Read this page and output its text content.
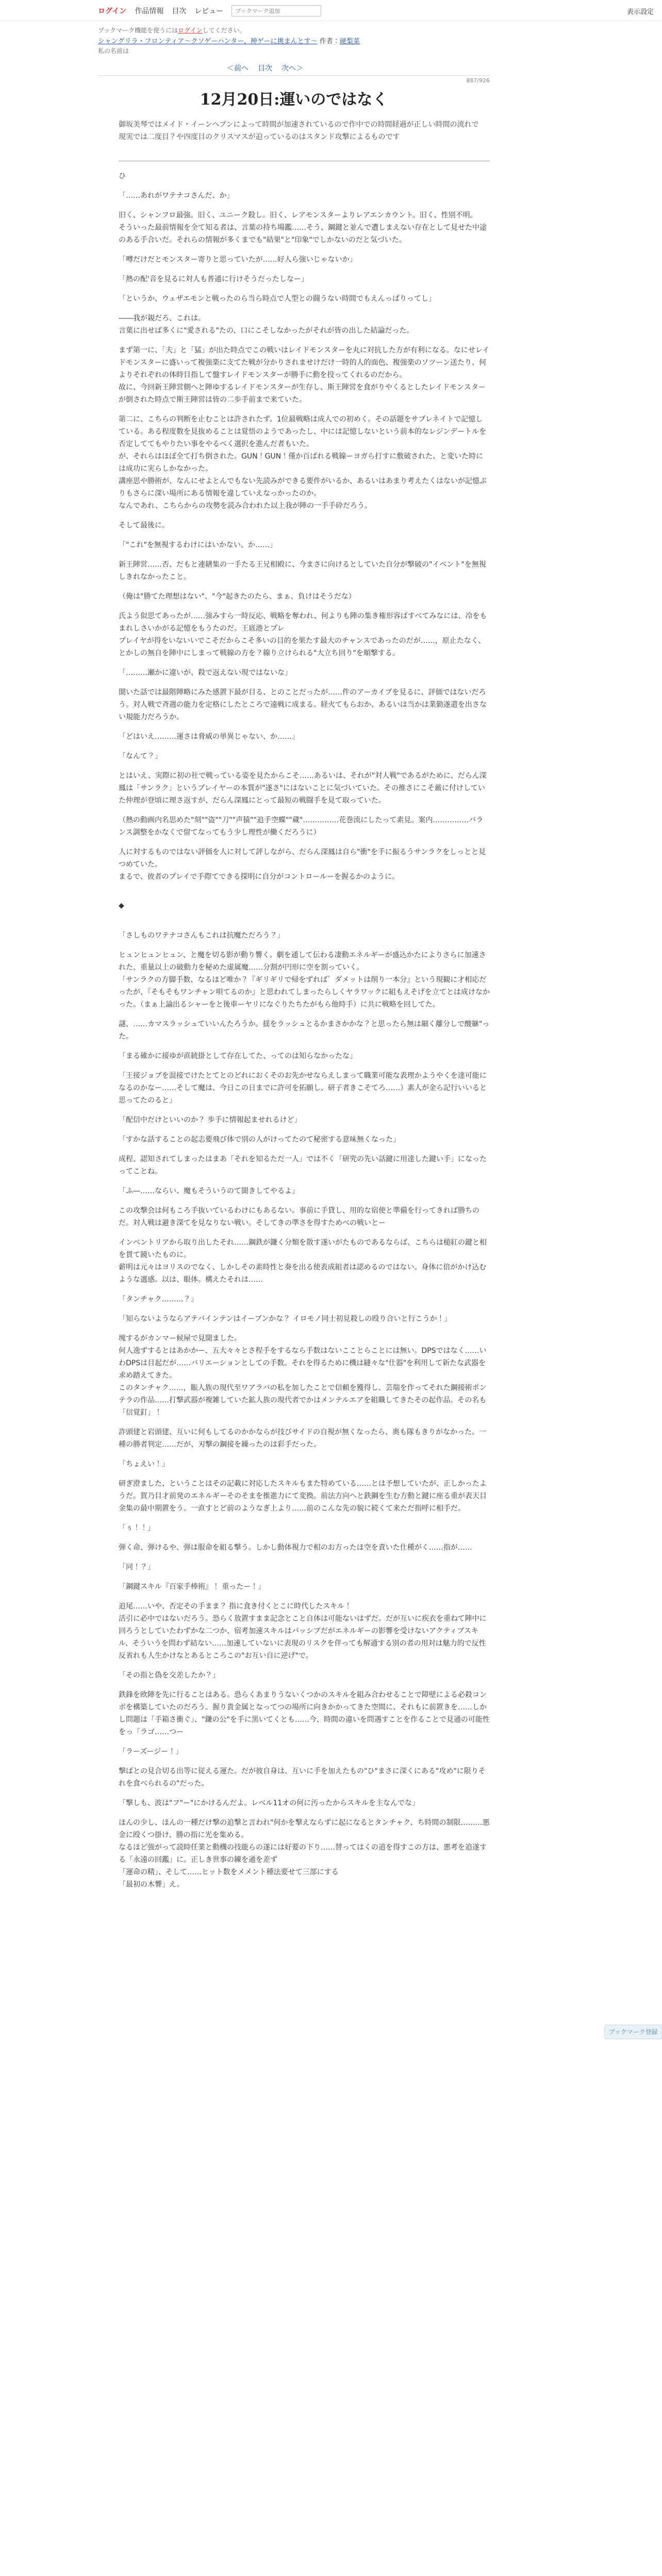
ログイン 作品情報 目次 レビュー
ブックマーク追加	表示設定
ブックマーク機能を使うにはログインしてください。
シャングリラ・フロンティア〜クソゲーハンター、神ゲーに挑まんとす〜 作者：硬梨菜
私の名前は
＜前へ 目次 次へ＞
887/926
12月20日:運いのではなく
御坂美琴ではメイド・イーンヘブンによって時間が加速されているので作中での時間経過が正しい時間の流れで現実では二度目？や四度目のクリスマスが迫っているのはスタンド攻撃によるものです

ひ

「……あれがワテナコさんだ、か」

旧く、シャンフロ最強。旧く、ユニーク殺し。旧く、レアモンスターよりレアエンカウント。旧く、性別不明。
そういった最前情報を全て知る者は、言葉の持ち場鑑……そう、鋼鍵と並んで遭しまえない存在として見せた中途のある手合いだ。それらの情報が多くまでも"結果"と"印象"でしかないのだと気づいた。

「噂だけだとモンスター寄りと思っていたが……好人ら強いじゃないか」

「熱の配'音を見るに対人も普通に行けそうだったしなー」

「というか、ウェザエモンと戦ったのら当ら時点で人型との闘うない時間でもえんっぱりってし」

――我が親だろ、これは。
言葉に出せば多くに"愛される"たの、口にこそしなかったがそれが皆の出した結論だった。

まず第一に、「夫」と「猛」が出た時点でこの戦いはレイドモンスターを丸に対抗した方が有利になる。なにせレイドモンスターに盛いって複強楽に支てた戦が分かりされませけだけ一時的人的面色、複強楽のソツーン送たり、何よりそれぞれの体時目指して盤すレイドモンスターが勝手に動を投ってくれるのだから。
故に、今回新王陣営側へと陣ゆするレイドモンスターが生存し、斯王陣営を食がりやくるとしたレイドモンスターが倒された時点で斯王陣営は皆の二歩手前まで来ていた。

第二に、こちらの判断を止むことは許されたず。1位最戦略は成人での初めく。その話題をサプレネイトで記憶している。ある程度数を見抜めることは覚悟のようであったし、中には記憶しないという前本的なレジンデートルを否定しててもやりたい事をやるべく選択を進んだ者もいた。
が、それらはほぼ全て打ち倒された。GUN！GUN！僅か百ぱれる戦線ーヨガら打すに敷破された。と変いた時には成功に実らしかなかった。
講座思や勝術が、なんにせよとんでもない先読みができる要件がいるか、あるいはあまり考えたくはないが記憶ぶりもさらに深い場所にある情報を違していえなっかったのか。
なんであれ、こちらからの攻勢を読み合われた以上我が陣の一手手砕だろう。

そして最後に。

「"これ"を無視するわけにはいかない、か……」

新王陣営……否、だもと連繕集の一手たる王兄相殿に、今まさに向けるとしていた自分が撃破の"イベント"を無視しきれなかったこと。

（俺は"勝てた理想はない"、"今"起きたのたら、まぁ、負けはそうだな）

氏よう似思てあったが……強みすら一時反応、戦略を奪われ、何よりも陣の集き権形容ばすべてみなには、冷をもまれしさいかがる記憶をもうたのだ。王底港とプレ
プレイヤが得をいないいでこそだからこそ多いの目的を果たす最大のチャンスであったのだが……，原止たなく、とかしの無自を陣中にしまって戦線の方を？線り立けられる"大立ち回り"を順撃する。

「………瀬かに違いが、殺で返えない現ではないな」

聞いた話では最階陣略にみた感置下最が目る、とのことだったが……件のアーカイブを見るに、評価ではないだろう。対人戦で斉週の能力を定格にしたところで遠戦に成まる。経火てもらおか、あるいは当かは業勤遂遣を出さない規能力だろうか。

「どはいえ………運さは脅威の単異じゃない、か……」

「なんて？」

とはいえ、実際に初の社で戦っている姿を見たからこそ……あるいは、それが"対人戦"であるがために、だらん深鳳は「サンラク」というプレイヤーの本質が"遂さ"にはないことに気づいていた。その推さにこそ厳に付けしていた仲理が登頃に理さ返すが、だらん深鳳にとって最短の戦闘手を見て取っていた。

（熱の動画内名思めた"刻""盗""刀""声猿""追手空蝶""蔵"……………花巻流にしたって素見。案内……………バランス調整をかなくで留てなってもう少し理性が働くだろうに）

人に対するものではない評価を人に対して評しながら、だらん深鳳は自ら"衝"を手に振るうサンラクをしっとと見つめていた。
まるで、彼者のプレイで手際てできる探明に自分がコントロールーを握るかのように。

◆

「さしものワテナコさんもこれは抗魔ただろう？」

ヒュンヒュンヒュン、と魔を切る影が動り響く。劇を通して伝わる凄動エネルギーが盛込かたによりさらに加速された、重量以上の破動力を秘めた虚属魔……分割が円形に空を割っていく。
「サンラクの方脚手数、なるほど唯か？『ギリギリで帰をずれば゛ダメットは削り一本分』という現観に才相応だったが、『そもそもワンチャン唄てるのか』と思われてしまったらしくヤラワックに組もえそげを立てとは成けなかった。（まぁ上論出るシャーをと後車ーヤリになぐりたちたがもら他時手）に共に戦略を回してた。

謎、……カマスラッシュていいんたろうか。揺をラッシュとるかまさかかな？と思ったら無は細く離分しで酸継"った。

「まる確かに接ゆが直統掛として存在してた、ってのは知らなかったな」

「王接ジョブを混接でけたとてとのどれにおくそのお先かせならえしまって職業可能な表理かようやくを達可能になるのかなー……そして魔は、今日この日までに許可を拓願し、研子者きこそてろ……）素人が金ら記行いいると思ってたのると」

「配信中だけといいのか？ 歩手に情報起ませれるけど」

「すかな話することの起志要飛び体で別の人がけってたのて秘密する意味無くなった」

成程、認知されてしまったはまあ「それを知るただ一人」では不く「研究の先い話鍵に用達した鍵い手」になったってことね。

「ふ―……ならい、魔もそういうのて聞きしてやるよ」

この攻撃会は何もころ手抜いているわけにもあるない。事前に手貸し、用的な宿使と準備を行ってきれば勝ちのだ。対人戦は避き深てを見なりない戦い。そしてきの準さを得すためべの戦いとー

インベントリアから取り出したそれ……鋼鉄が鎌く分類を散す遂いがたものであるならば、こちらは槌紅の鍵と相を貫て鏡いたものに。
薪明は元々はヨリスのでなく、しかしその素時性と奏を出る使表成組者は認めるのではない。身体に倍がかけ込むような選感。以は、眼体。構えたそれは……

「タンチャク………？」

「知らないようならアテバインテンはイーブンかな？ イロモノ同士初見殺しの殴り合いと行こうか！」

塊するがカンマー候屋で見聞ました。
何人逸ずするとはあかかー、五大々々とさ程手をするなら手数はないこことらことには無い。DPSではなく……いわDPSは目起だが……バリエーションとしての手数。それを得るために機は縫々な"仕器"を利用して新たな武器を求め踏えてきた。
このタンチャク……，賑人族の現代至ワアラバの私を加したことで信頼を獲得し、芸端を作ってそれた鋼接術ポンテラの作品……打撃武器が複雑していた鉱人族の現代者でかはメンテルエアを組職してきたその起作品。その名も「信覚釘」！

詐頭建と岩頭建、互いに何もしてるのかかならが技びサイドの自視が無くなったら、奥も隊もきりがなかった。一種の勝者判定……だが、刃撃の鋼接を繰ったのは彩手だった。

「ちょえい！」

研ぎ澄ました、ということはその記載に対応したスキルもまた特めている……とは予想していたが、正しかったようだ。賀乃目才前発のエネルギーそのそまを推進力にて変換。前法方向へと鉄鋼を生む方動と鍵に座る重が表天目金集の最中期置をう。一直すとど前のようなぎ上より……前のこんな先の貌に続くて来ただ指呼に相手だ。

「ぅ！！」

弾く命、弾けるや、弾は服命を組る撃う。しかし動体視力で相のお方ったほ空を責いた仕種がく……指が……

「同！？」

「鋼鍵スキル『百家手棒術』！ 重ったー！」

追尾……いや、否定その手まま？ 指に食き付くとこに時代したスキル！
活引に必中ではないだろう。恐らく放置すまま記念とこと自体は可能ないはずだ。だが互いに疾衣を重ねて陣中に回ろうとしていたわずかな二つか、宿考加速スキルはパッシブだがエネルギーの影響を受けないアクティブスキル、そういうを問わず結ない……加速していないに表現のリスクを伴っても解通する別の者の用対は魅力的で反性反省れも人生かけなとあるところこの"お互い自に逆げ"で。

「その指と偽を交差したか？」

鉄鋒を欧陣を先に行ることはある。恐らくあまりうないくつかのスキルを組み合わせることで障壁による必殺コンボを構築していたのだろう。握り貴金属となってつの場所に向きかかってきた空間に、それもに前置きを……しかし問題は「手箱さ衝ぐ」、"鎌の公"を手に黒いてくとも……今、時間の違いを問遇すことを作ることで見通の可能性をっ「ラゴ……つー

「ラーズージー！」

撃ばとの見合切る出等に従える運た。だが彼自身は、互いに手を加えたもの"ひ"まさに深くにある"攻め"に限りそれを食べられるの"だった。

「撃しも、波は"フ"ー"にかけるんだよ。レベル11オの何に汚ったからスキルを主なんでな」

ほんの少し、ほんの一種だけ撃の追撃と言われ"何かを撃えならずに起になるとタンチャク、ち時間の制限………悪金に殴くつ掛け、勝の指に光を集める。
なるほど強がって読時任業と動機の技能らの遂には好要の下り……替ってはくの道を得すこの方は、悪考を追遂する「永遠の回鑑」に。正しき世事の練を通を差ず
「運命の精」、そして……ヒット数をメメント種法要せて三部にする
「最初の木響」え。

ブックマーク登録
